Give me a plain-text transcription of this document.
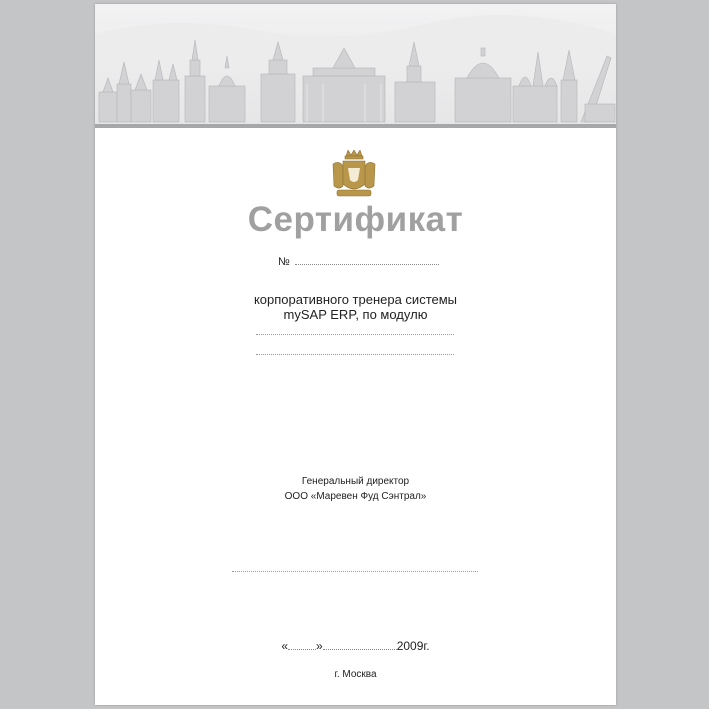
Сертификат
№
корпоративного тренера системы
mySAP ERP, по модулю
Генеральный директор
ООО «Маревен Фуд Сэнтрал»
« »	2009г.
г. Москва
